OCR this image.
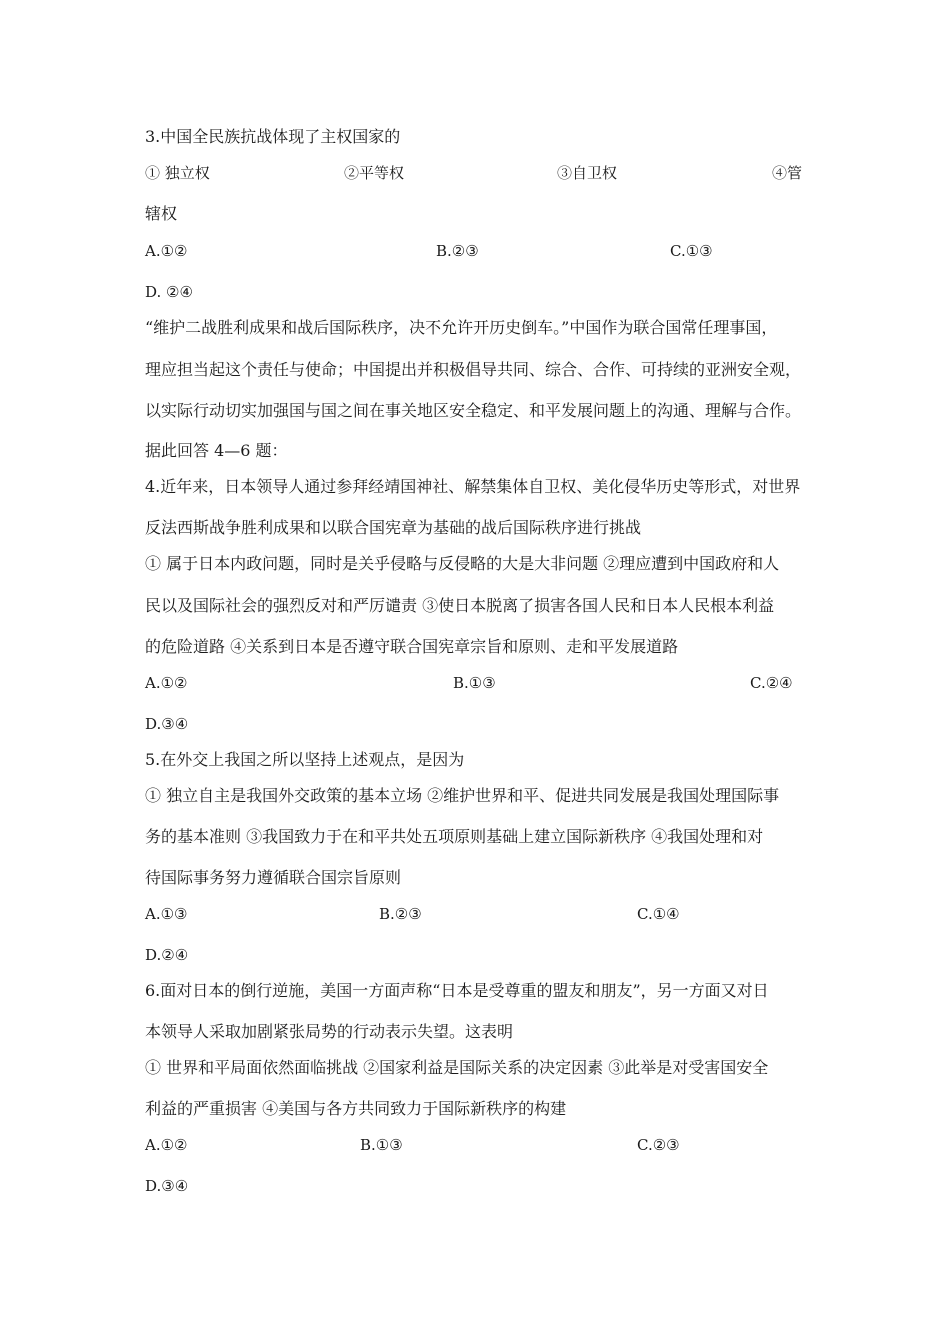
3.中国全民族抗战体现了主权国家的
① 独立权	②平等权	③自卫权	④管
辖权
A.①②	B.②③	C.①③
D. ②④
“维护二战胜利成果和战后国际秩序，决不允许开历史倒车。”中国作为联合国常任理事国，
理应担当起这个责任与使命；中国提出并积极倡导共同、综合、合作、可持续的亚洲安全观，
以实际行动切实加强国与国之间在事关地区安全稳定、和平发展问题上的沟通、理解与合作。
据此回答 4—6 题：
4.近年来，日本领导人通过参拜经靖国神社、解禁集体自卫权、美化侵华历史等形式，对世界
反法西斯战争胜利成果和以联合国宪章为基础的战后国际秩序进行挑战
① 属于日本内政问题，同时是关乎侵略与反侵略的大是大非问题 ②理应遭到中国政府和人
民以及国际社会的强烈反对和严厉谴责 ③使日本脱离了损害各国人民和日本人民根本利益
的危险道路 ④关系到日本是否遵守联合国宪章宗旨和原则、走和平发展道路
A.①②	B.①③	C.②④
D.③④
5.在外交上我国之所以坚持上述观点，是因为
① 独立自主是我国外交政策的基本立场 ②维护世界和平、促进共同发展是我国处理国际事
务的基本准则 ③我国致力于在和平共处五项原则基础上建立国际新秩序 ④我国处理和对
待国际事务努力遵循联合国宗旨原则
A.①③	B.②③	C.①④
D.②④
6.面对日本的倒行逆施，美国一方面声称“日本是受尊重的盟友和朋友”，另一方面又对日
本领导人采取加剧紧张局势的行动表示失望。这表明
① 世界和平局面依然面临挑战 ②国家利益是国际关系的决定因素 ③此举是对受害国安全
利益的严重损害 ④美国与各方共同致力于国际新秩序的构建
A.①②	B.①③	C.②③
D.③④
